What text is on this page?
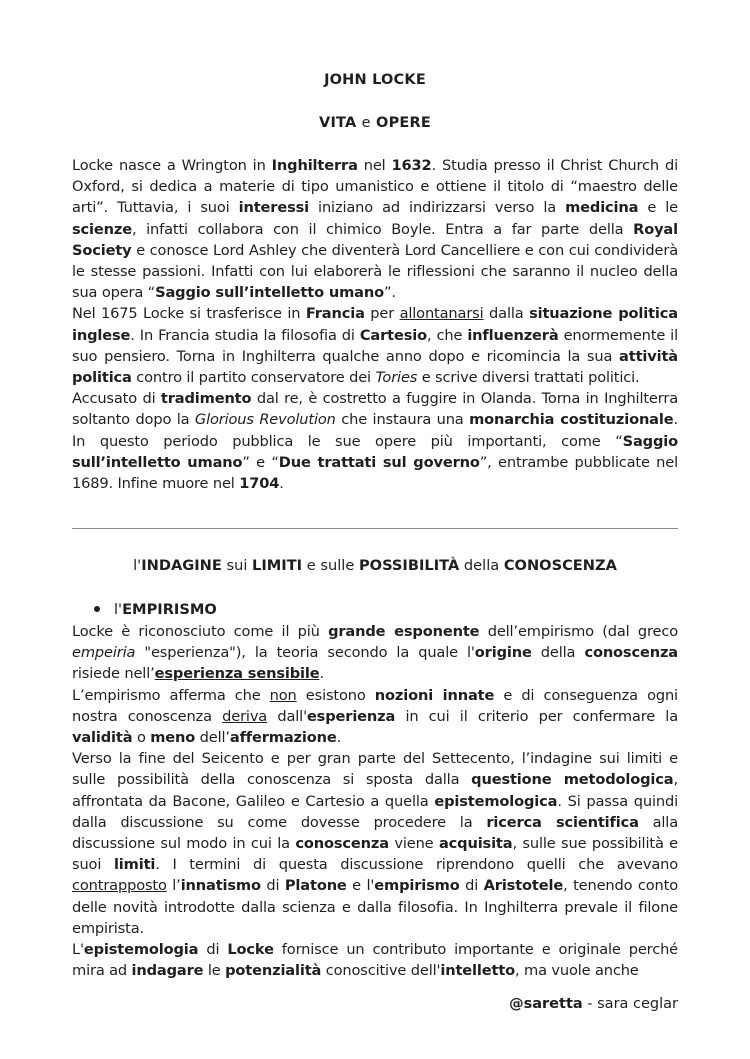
JOHN LOCKE
VITA e OPERE

Locke nasce a Wrington in Inghilterra nel 1632. Studia presso il Christ Church di Oxford, si dedica a materie di tipo umanistico e ottiene il titolo di “maestro delle arti”. Tuttavia, i suoi interessi iniziano ad indirizzarsi verso la medicina e le scienze, infatti collabora con il chimico Boyle. Entra a far parte della Royal Society e conosce Lord Ashley che diventerà Lord Cancelliere e con cui condividerà le stesse passioni. Infatti con lui elaborerà le riflessioni che saranno il nucleo della sua opera “Saggio sull’intelletto umano”.

Nel 1675 Locke si trasferisce in Francia per allontanarsi dalla situazione politica inglese. In Francia studia la filosofia di Cartesio, che influenzerà enormemente il suo pensiero. Torna in Inghilterra qualche anno dopo e ricomincia la sua attività politica contro il partito conservatore dei Tories e scrive diversi trattati politici.

Accusato di tradimento dal re, è costretto a fuggire in Olanda. Torna in Inghilterra soltanto dopo la Glorious Revolution che instaura una monarchia costituzionale. In questo periodo pubblica le sue opere più importanti, come “Saggio sull’intelletto umano” e “Due trattati sul governo”, entrambe pubblicate nel 1689. Infine muore nel 1704.

l'INDAGINE sui LIMITI e sulle POSSIBILITÀ della CONOSCENZA
l'EMPIRISMO

Locke è riconosciuto come il più grande esponente dell’empirismo (dal greco empeiria "esperienza"), la teoria secondo la quale l'origine della conoscenza risiede nell’esperienza sensibile.

L’empirismo afferma che non esistono nozioni innate e di conseguenza ogni nostra conoscenza deriva dall'esperienza in cui il criterio per confermare la validità o meno dell’affermazione.

Verso la fine del Seicento e per gran parte del Settecento, l’indagine sui limiti e sulle possibilità della conoscenza si sposta dalla questione metodologica, affrontata da Bacone, Galileo e Cartesio a quella epistemologica. Si passa quindi dalla discussione su come dovesse procedere la ricerca scientifica alla discussione sul modo in cui la conoscenza viene acquisita, sulle sue possibilità e suoi limiti. I termini di questa discussione riprendono quelli che avevano contrapposto l’innatismo di Platone e l'empirismo di Aristotele, tenendo conto delle novità introdotte dalla scienza e dalla filosofia. In Inghilterra prevale il filone empirista.

L'epistemologia di Locke fornisce un contributo importante e originale perché mira ad indagare le potenzialità conoscitive dell'intelletto, ma vuole anche

@saretta - sara ceglar
